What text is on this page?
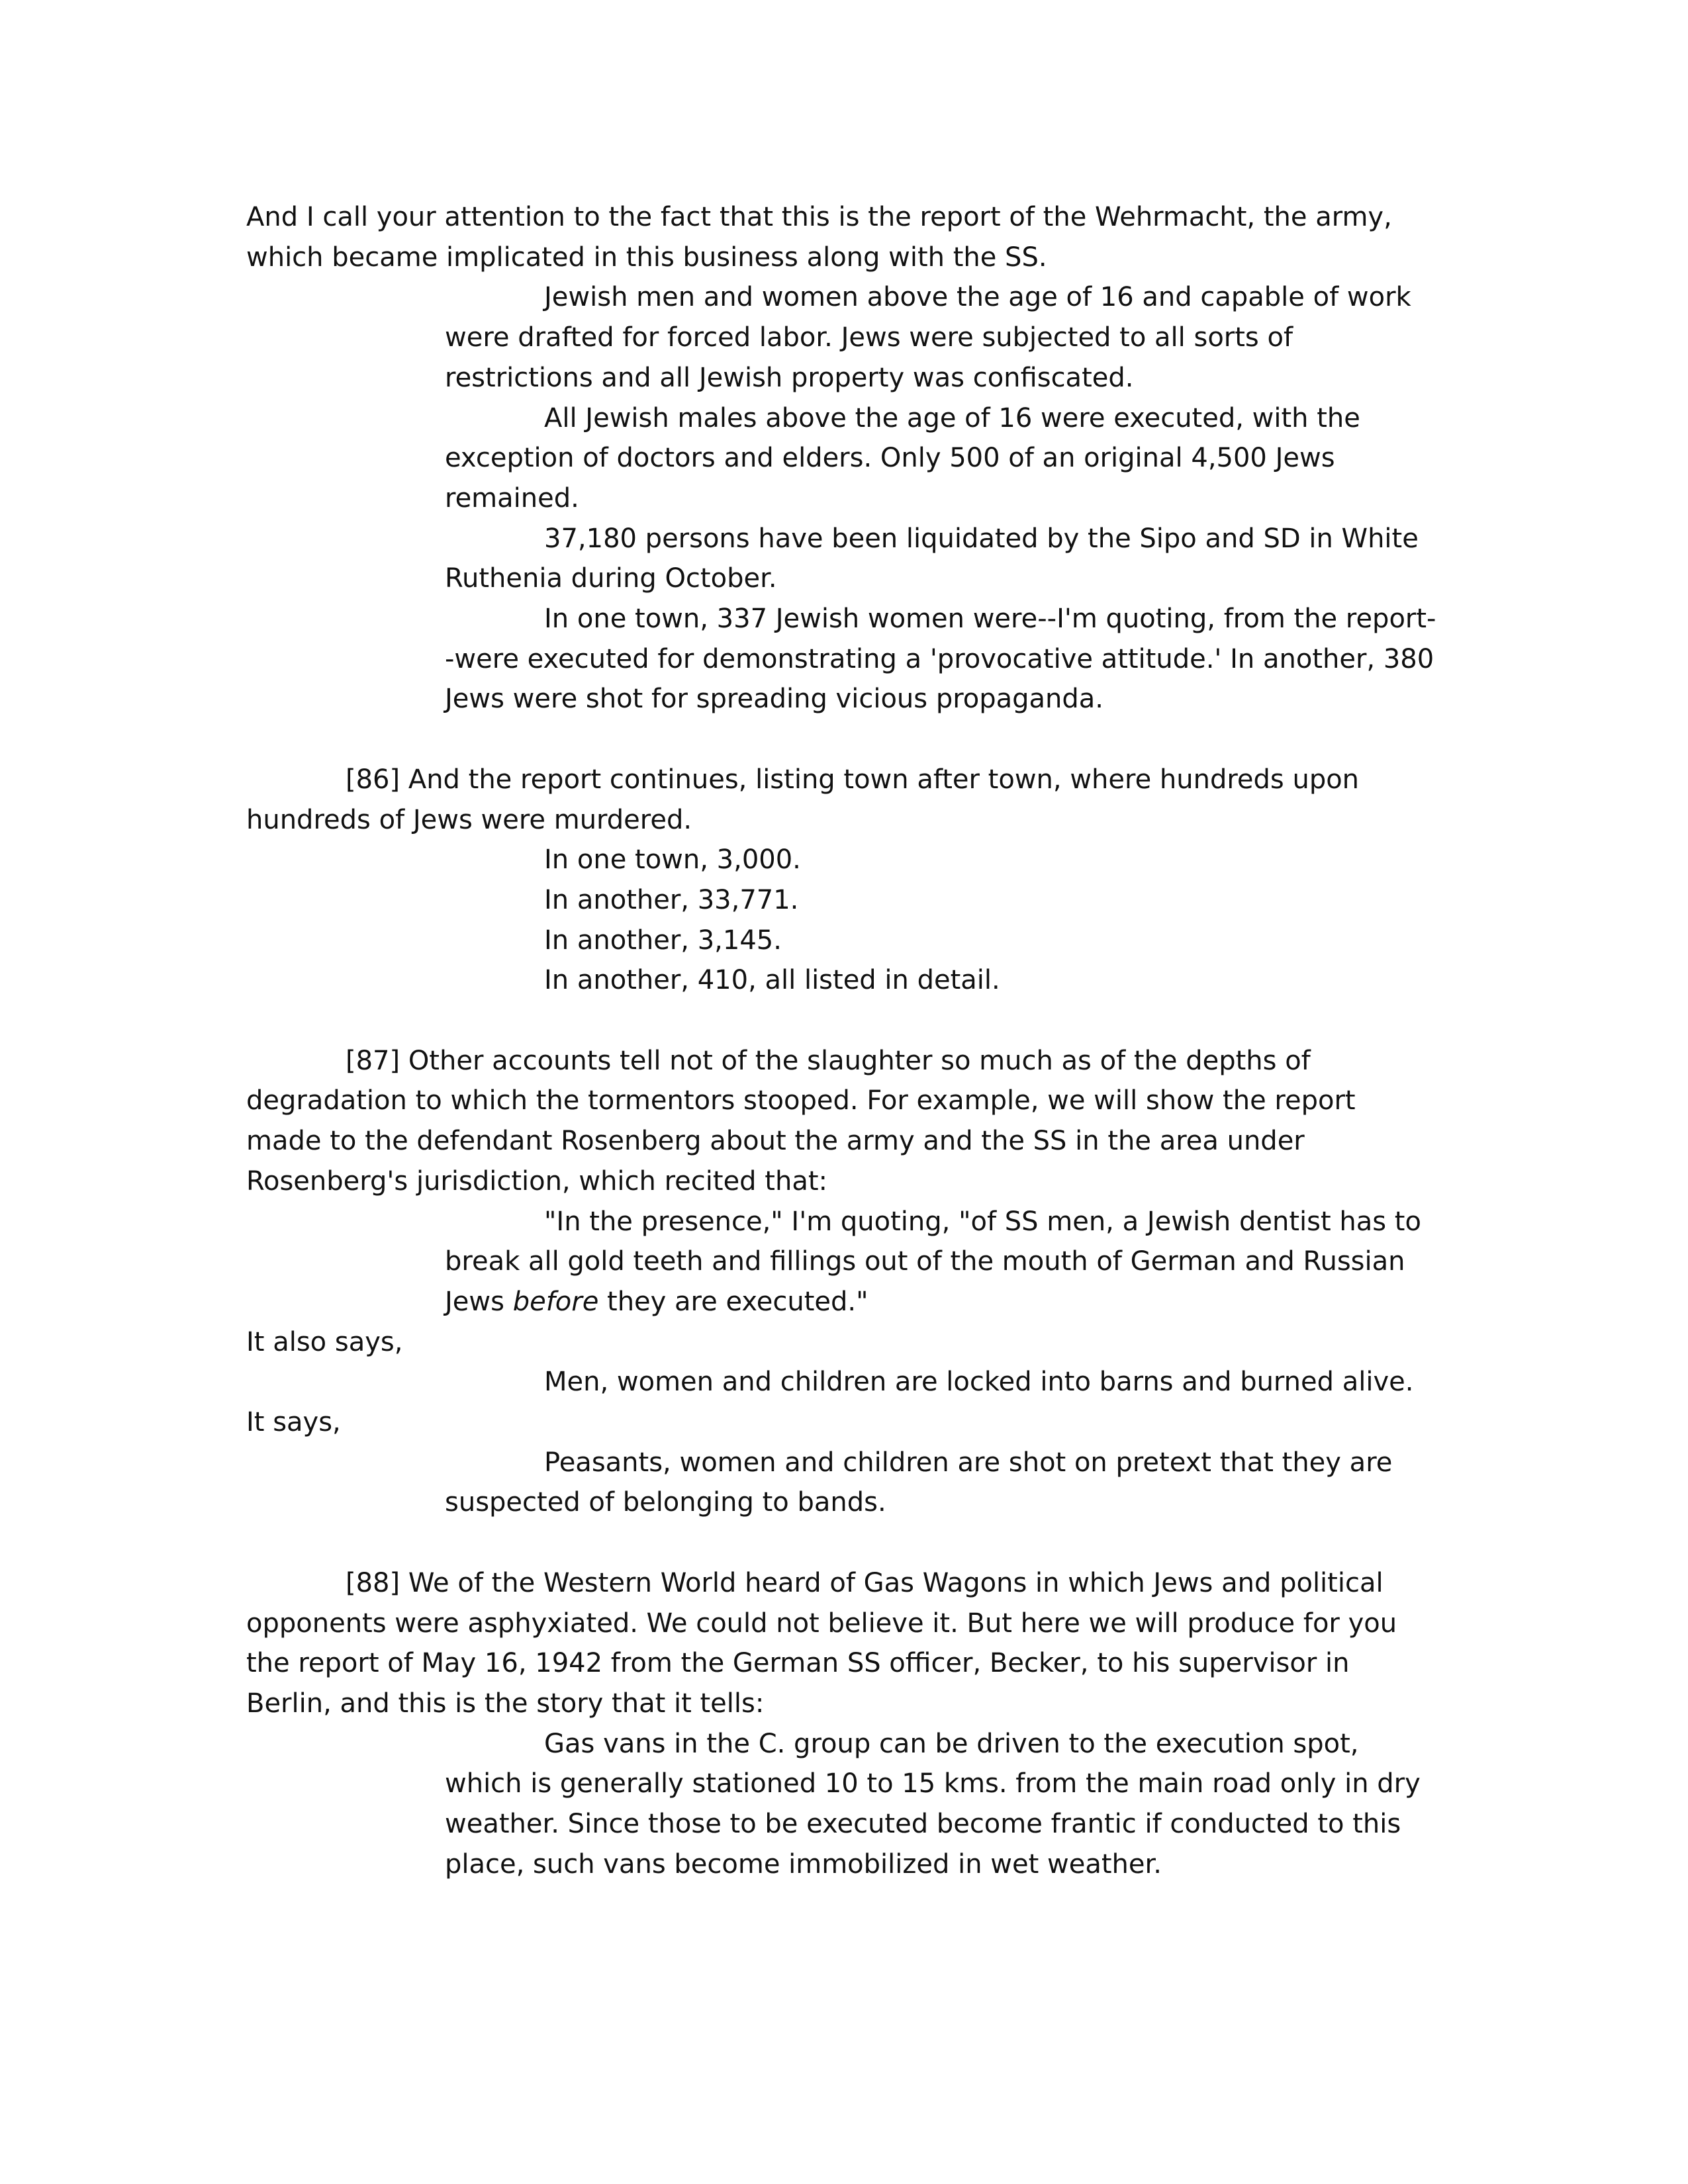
And I call your attention to the fact that this is the report of the Wehrmacht, the army, which became implicated in this business along with the SS.

Jewish men and women above the age of 16 and capable of work were drafted for forced labor. Jews were subjected to all sorts of restrictions and all Jewish property was confiscated.

All Jewish males above the age of 16 were executed, with the exception of doctors and elders. Only 500 of an original 4,500 Jews remained.

37,180 persons have been liquidated by the Sipo and SD in White Ruthenia during October.

In one town, 337 Jewish women were--I'm quoting, from the report--were executed for demonstrating a 'provocative attitude.' In another, 380 Jews were shot for spreading vicious propaganda.

[86] And the report continues, listing town after town, where hundreds upon hundreds of Jews were murdered.

In one town, 3,000.

In another, 33,771.

In another, 3,145.

In another, 410, all listed in detail.

[87] Other accounts tell not of the slaughter so much as of the depths of degradation to which the tormentors stooped. For example, we will show the report made to the defendant Rosenberg about the army and the SS in the area under Rosenberg's jurisdiction, which recited that:

"In the presence," I'm quoting, "of SS men, a Jewish dentist has to break all gold teeth and fillings out of the mouth of German and Russian Jews before they are executed."

It also says,

Men, women and children are locked into barns and burned alive.

It says,

Peasants, women and children are shot on pretext that they are suspected of belonging to bands.

[88] We of the Western World heard of Gas Wagons in which Jews and political opponents were asphyxiated. We could not believe it. But here we will produce for you the report of May 16, 1942 from the German SS officer, Becker, to his supervisor in Berlin, and this is the story that it tells:

Gas vans in the C. group can be driven to the execution spot, which is generally stationed 10 to 15 kms. from the main road only in dry weather. Since those to be executed become frantic if conducted to this place, such vans become immobilized in wet weather.
